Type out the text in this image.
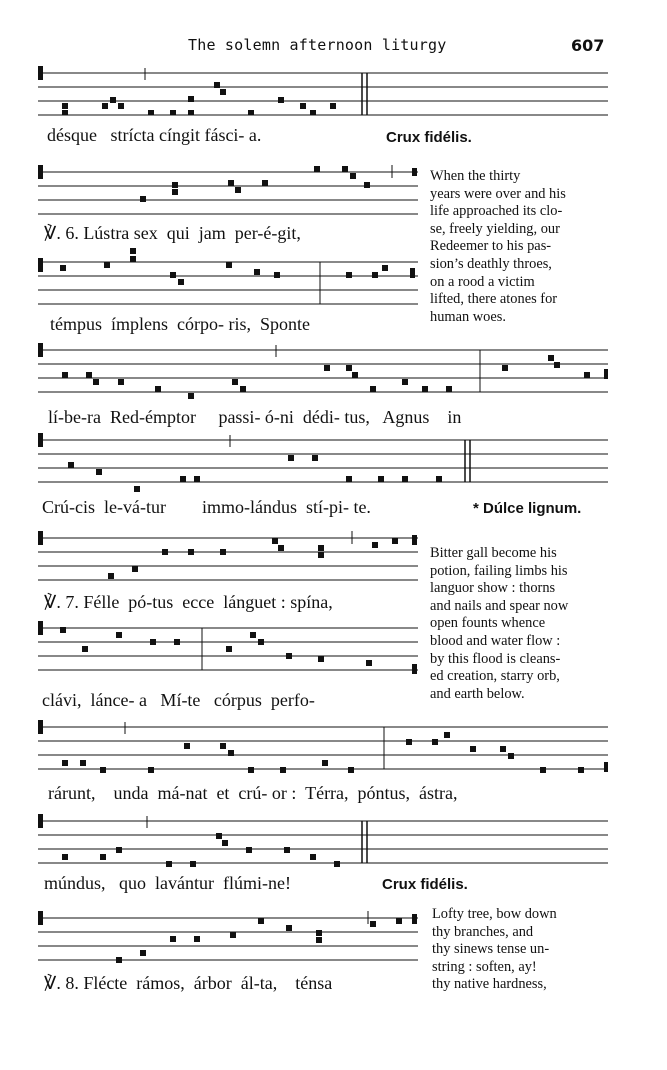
The solemn afternoon liturgy	607
désque   strícta cíngit fásci- a.	Crux fidélis.
℣. 6. Lústra sex  qui  jam  per-é-git,
témpus  ímplens  córpo- ris,  Sponte
lí-be-ra  Red-émptor     passi- ó-ni  dédi- tus,   Agnus    in
Crú-cis  le-vá-tur        immo-lándus  stí-pi- te.	* Dúlce lignum.
℣. 7. Félle  pó-tus  ecce  lánguet : spína,
clávi,  lánce- a   Mí-te   córpus  perfo-
rárunt,    unda  má-nat  et  crú- or :  Térra,  póntus,  ástra,
múndus,   quo  lavántur  flúmi-ne!	Crux fidélis.
℣. 8. Flécte  rámos,  árbor  ál-ta,    ténsa
When the thirty
years were over and his
life approached its clo-
se, freely yielding, our
Redeemer to his pas-
sion’s deathly throes,
on a rood a victim
lifted, there atones for
human woes.
Bitter gall become his
potion, failing limbs his
languor show : thorns
and nails and spear now
open founts whence
blood and water flow :
by this flood is cleans-
ed creation, starry orb,
and earth below.
Lofty tree, bow down
thy branches, and
thy sinews tense un-
string : soften, ay!
thy native hardness,
